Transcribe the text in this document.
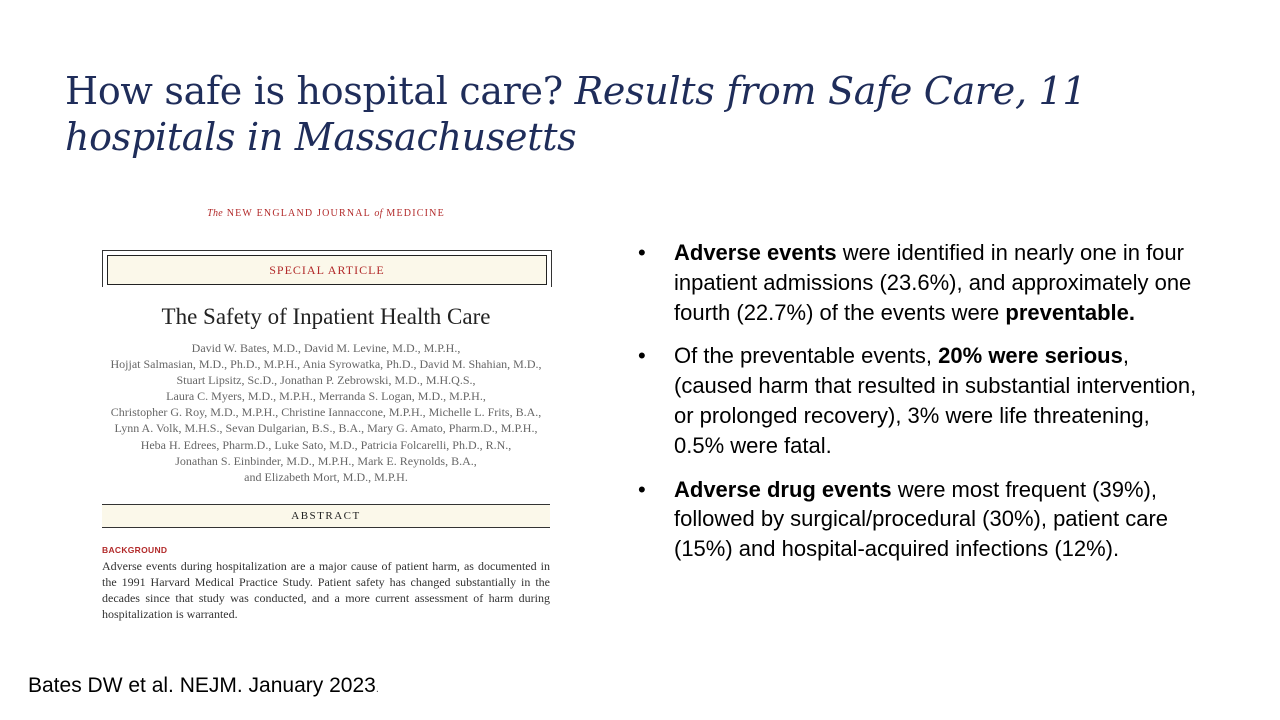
How safe is hospital care? Results from Safe Care, 11 hospitals in Massachusetts
The NEW ENGLAND JOURNAL of MEDICINE
SPECIAL ARTICLE
The Safety of Inpatient Health Care
David W. Bates, M.D., David M. Levine, M.D., M.P.H.,
Hojjat Salmasian, M.D., Ph.D., M.P.H., Ania Syrowatka, Ph.D., David M. Shahian, M.D.,
Stuart Lipsitz, Sc.D., Jonathan P. Zebrowski, M.D., M.H.Q.S.,
Laura C. Myers, M.D., M.P.H., Merranda S. Logan, M.D., M.P.H.,
Christopher G. Roy, M.D., M.P.H., Christine Iannaccone, M.P.H., Michelle L. Frits, B.A.,
Lynn A. Volk, M.H.S., Sevan Dulgarian, B.S., B.A., Mary G. Amato, Pharm.D., M.P.H.,
Heba H. Edrees, Pharm.D., Luke Sato, M.D., Patricia Folcarelli, Ph.D., R.N.,
Jonathan S. Einbinder, M.D., M.P.H., Mark E. Reynolds, B.A.,
and Elizabeth Mort, M.D., M.P.H.
ABSTRACT
BACKGROUND
Adverse events during hospitalization are a major cause of patient harm, as documented in the 1991 Harvard Medical Practice Study. Patient safety has changed substantially in the decades since that study was conducted, and a more current assessment of harm during hospitalization is warranted.
• Adverse events were identified in nearly one in four inpatient admissions (23.6%), and approximately one fourth (22.7%) of the events were preventable.
• Of the preventable events, 20% were serious, (caused harm that resulted in substantial intervention, or prolonged recovery), 3% were life threatening, 0.5% were fatal.
• Adverse drug events were most frequent (39%), followed by surgical/procedural (30%), patient care (15%) and hospital-acquired infections (12%).
Bates DW et al. NEJM. January 2023.
